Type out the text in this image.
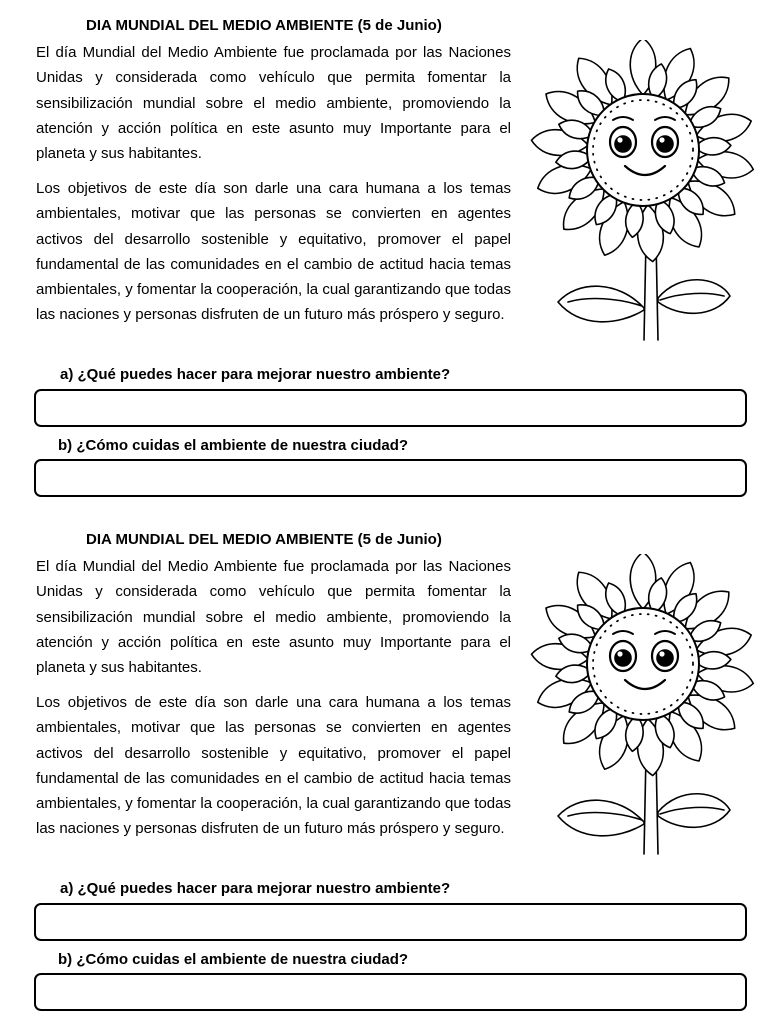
DIA MUNDIAL DEL MEDIO AMBIENTE (5 de Junio)

El día Mundial del Medio Ambiente fue proclamada por las Naciones Unidas y considerada como vehículo que permita fomentar la sensibilización mundial sobre el medio ambiente, promoviendo la atención y acción política en este asunto muy Importante para el planeta y sus habitantes.

Los objetivos de este día son darle una cara humana a los temas ambientales, motivar que las personas se convierten en agentes activos del desarrollo sostenible y equitativo, promover el papel fundamental de las comunidades en el cambio de actitud hacia temas ambientales, y fomentar la cooperación, la cual garantizando que todas las naciones y personas disfruten de un futuro más próspero y seguro.

a) ¿Qué puedes hacer para mejorar nuestro ambiente?

b) ¿Cómo cuidas el ambiente de nuestra ciudad?

DIA MUNDIAL DEL MEDIO AMBIENTE (5 de Junio)

El día Mundial del Medio Ambiente fue proclamada por las Naciones Unidas y considerada como vehículo que permita fomentar la sensibilización mundial sobre el medio ambiente, promoviendo la atención y acción política en este asunto muy Importante para el planeta y sus habitantes.

Los objetivos de este día son darle una cara humana a los temas ambientales, motivar que las personas se convierten en agentes activos del desarrollo sostenible y equitativo, promover el papel fundamental de las comunidades en el cambio de actitud hacia temas ambientales, y fomentar la cooperación, la cual garantizando que todas las naciones y personas disfruten de un futuro más próspero y seguro.

a) ¿Qué puedes hacer para mejorar nuestro ambiente?

b) ¿Cómo cuidas el ambiente de nuestra ciudad?
